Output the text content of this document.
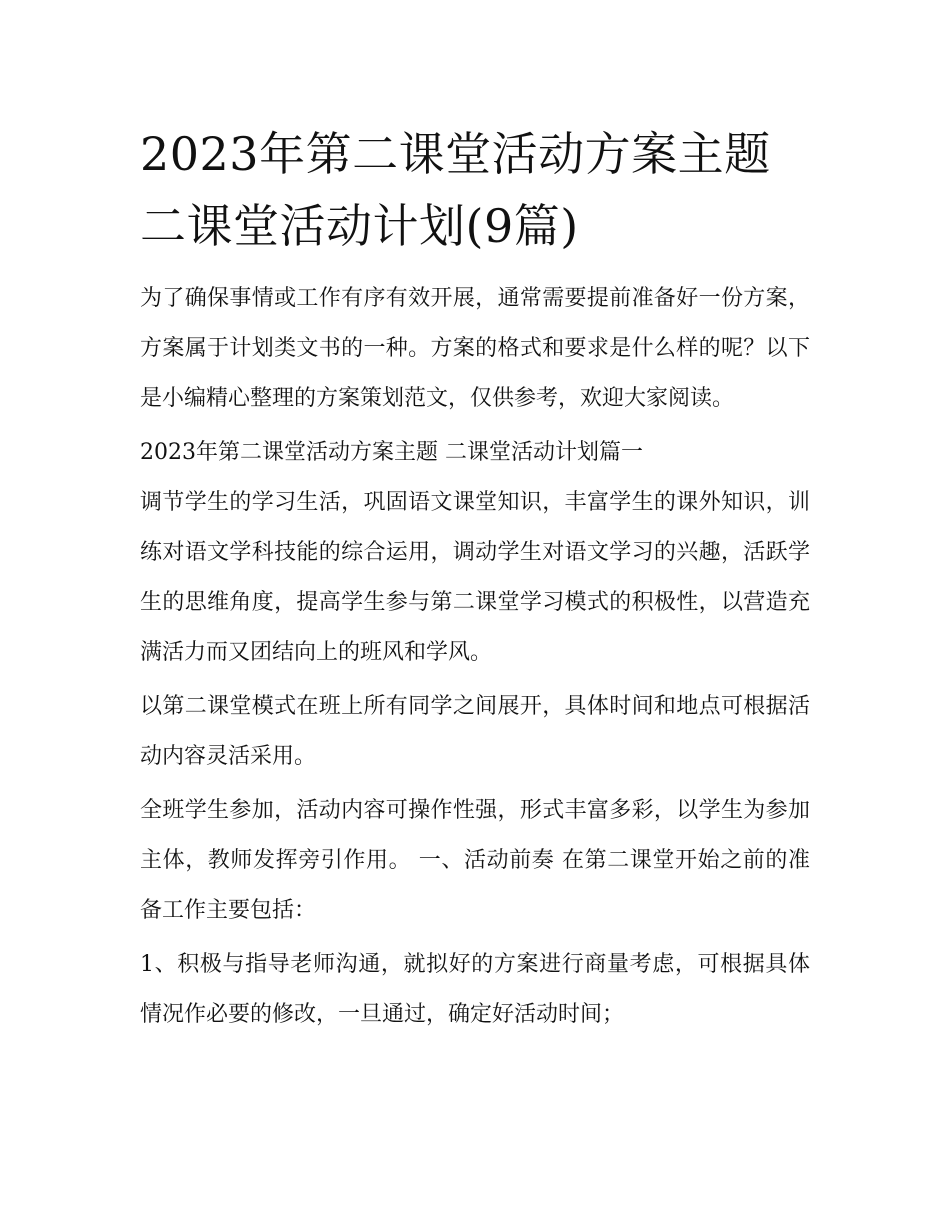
2023年第二课堂活动方案主题
二课堂活动计划(9篇)

为了确保事情或工作有序有效开展，通常需要提前准备好一份方案，方案属于计划类文书的一种。方案的格式和要求是什么样的呢？以下是小编精心整理的方案策划范文，仅供参考，欢迎大家阅读。

2023年第二课堂活动方案主题 二课堂活动计划篇一

调节学生的学习生活，巩固语文课堂知识，丰富学生的课外知识，训练对语文学科技能的综合运用，调动学生对语文学习的兴趣，活跃学生的思维角度，提高学生参与第二课堂学习模式的积极性，以营造充满活力而又团结向上的班风和学风。

以第二课堂模式在班上所有同学之间展开，具体时间和地点可根据活动内容灵活采用。

全班学生参加，活动内容可操作性强，形式丰富多彩，以学生为参加主体，教师发挥旁引作用。 一、活动前奏 在第二课堂开始之前的准备工作主要包括：

1、积极与指导老师沟通，就拟好的方案进行商量考虑，可根据具体情况作必要的修改，一旦通过，确定好活动时间；
